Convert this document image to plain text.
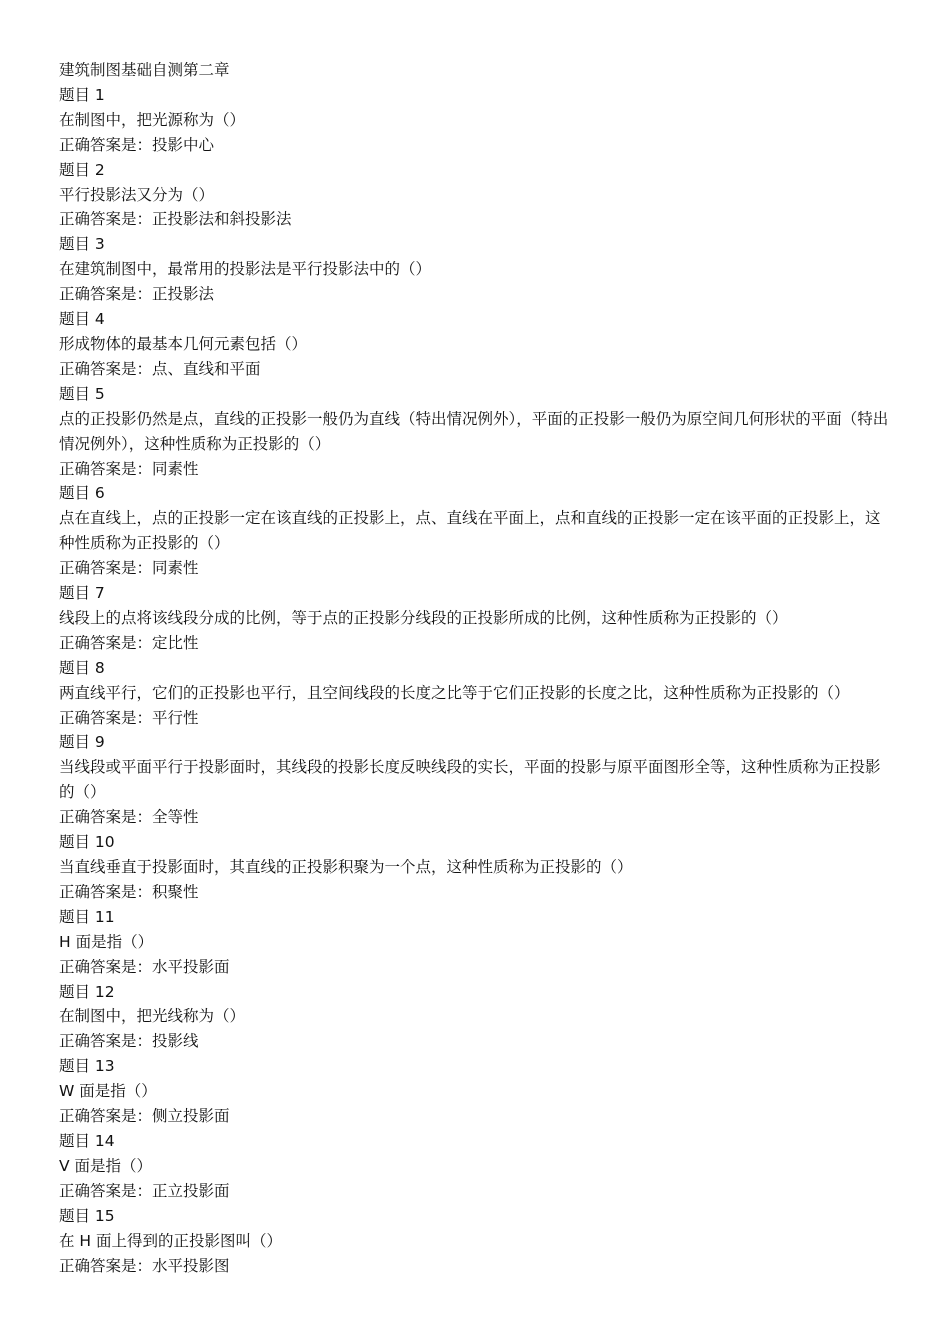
建筑制图基础自测第二章

题目 1

在制图中，把光源称为（）

正确答案是：投影中心

题目 2

平行投影法又分为（）

正确答案是：正投影法和斜投影法

题目 3

在建筑制图中，最常用的投影法是平行投影法中的（）

正确答案是：正投影法

题目 4

形成物体的最基本几何元素包括（）

正确答案是：点、直线和平面

题目 5

点的正投影仍然是点，直线的正投影一般仍为直线（特出情况例外），平面的正投影一般仍为原空间几何形状的平面（特出情况例外），这种性质称为正投影的（）

正确答案是：同素性

题目 6

点在直线上，点的正投影一定在该直线的正投影上，点、直线在平面上，点和直线的正投影一定在该平面的正投影上，这种性质称为正投影的（）

正确答案是：同素性

题目 7

线段上的点将该线段分成的比例，等于点的正投影分线段的正投影所成的比例，这种性质称为正投影的（）

正确答案是：定比性

题目 8

两直线平行，它们的正投影也平行，且空间线段的长度之比等于它们正投影的长度之比，这种性质称为正投影的（）

正确答案是：平行性

题目 9

当线段或平面平行于投影面时，其线段的投影长度反映线段的实长，平面的投影与原平面图形全等，这种性质称为正投影的（）

正确答案是：全等性

题目 10

当直线垂直于投影面时，其直线的正投影积聚为一个点，这种性质称为正投影的（）

正确答案是：积聚性

题目 11

H 面是指（）

正确答案是：水平投影面

题目 12

在制图中，把光线称为（）

正确答案是：投影线

题目 13

W 面是指（）

正确答案是：侧立投影面

题目 14

V 面是指（）

正确答案是：正立投影面

题目 15

在 H 面上得到的正投影图叫（）

正确答案是：水平投影图
